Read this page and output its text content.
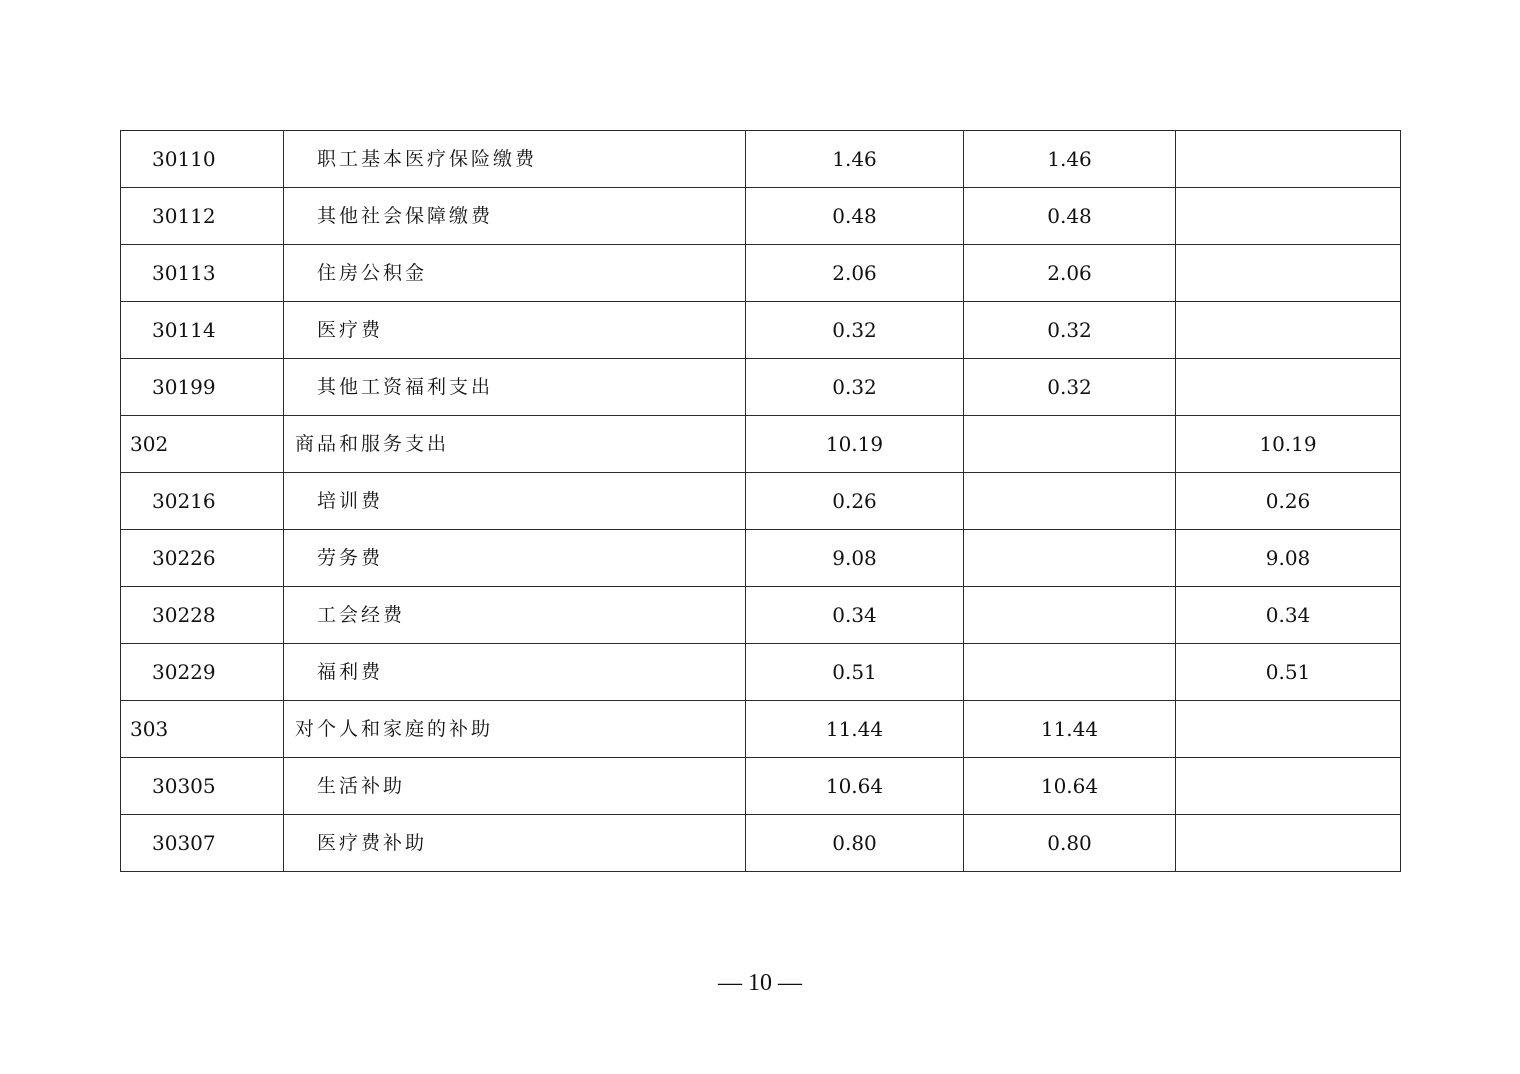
30110	职工基本医疗保险缴费	1.46	1.46	
30112	其他社会保障缴费	0.48	0.48	
30113	住房公积金	2.06	2.06	
30114	医疗费	0.32	0.32	
30199	其他工资福利支出	0.32	0.32	
302	商品和服务支出	10.19		10.19
30216	培训费	0.26		0.26
30226	劳务费	9.08		9.08
30228	工会经费	0.34		0.34
30229	福利费	0.51		0.51
303	对个人和家庭的补助	11.44	11.44	
30305	生活补助	10.64	10.64	
30307	医疗费补助	0.80	0.80	
— 10 —
